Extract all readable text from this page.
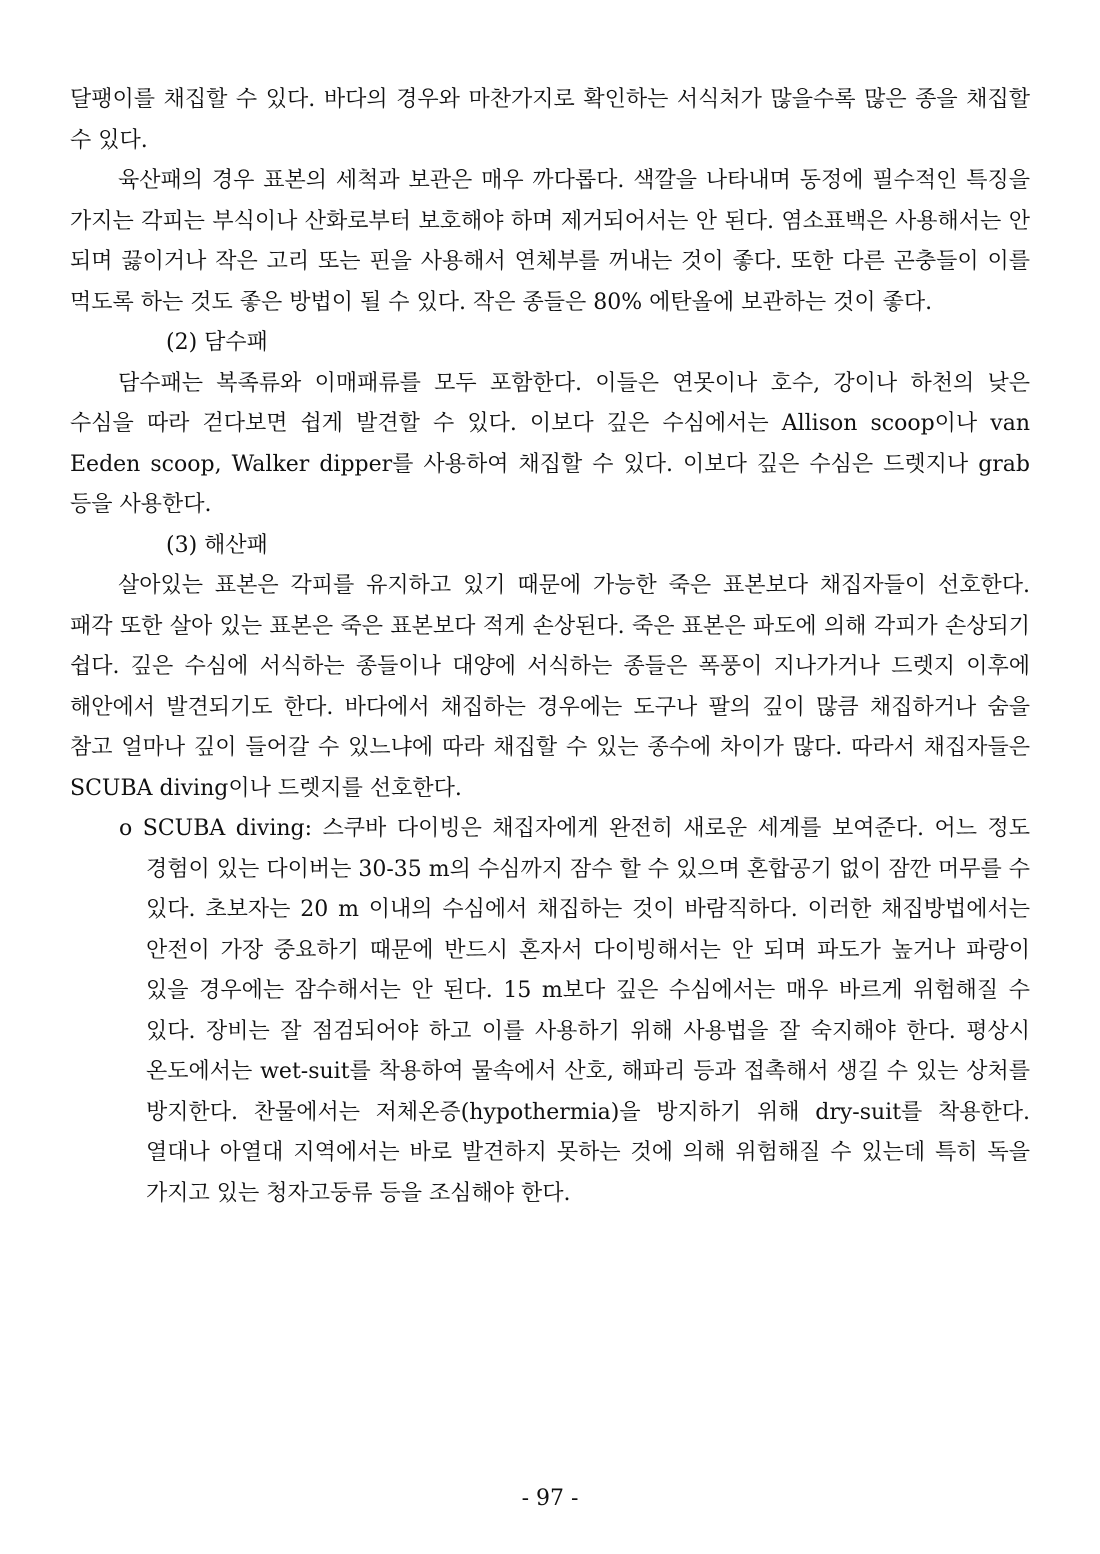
달팽이를 채집할 수 있다. 바다의 경우와 마찬가지로 확인하는 서식처가 많을수록 많은 종을 채집할 수 있다.

육산패의 경우 표본의 세척과 보관은 매우 까다롭다. 색깔을 나타내며 동정에 필수적인 특징을 가지는 각피는 부식이나 산화로부터 보호해야 하며 제거되어서는 안 된다. 염소표백은 사용해서는 안 되며 끓이거나 작은 고리 또는 핀을 사용해서 연체부를 꺼내는 것이 좋다. 또한 다른 곤충들이 이를 먹도록 하는 것도 좋은 방법이 될 수 있다. 작은 종들은 80% 에탄올에 보관하는 것이 좋다.

(2) 담수패

담수패는 복족류와 이매패류를 모두 포함한다. 이들은 연못이나 호수, 강이나 하천의 낮은 수심을 따라 걷다보면 쉽게 발견할 수 있다. 이보다 깊은 수심에서는 Allison scoop이나 van Eeden scoop, Walker dipper를 사용하여 채집할 수 있다. 이보다 깊은 수심은 드렛지나 grab 등을 사용한다.

(3) 해산패

살아있는 표본은 각피를 유지하고 있기 때문에 가능한 죽은 표본보다 채집자들이 선호한다. 패각 또한 살아 있는 표본은 죽은 표본보다 적게 손상된다. 죽은 표본은 파도에 의해 각피가 손상되기 쉽다. 깊은 수심에 서식하는 종들이나 대양에 서식하는 종들은 폭풍이 지나가거나 드렛지 이후에 해안에서 발견되기도 한다. 바다에서 채집하는 경우에는 도구나 팔의 깊이 많큼 채집하거나 숨을 참고 얼마나 깊이 들어갈 수 있느냐에 따라 채집할 수 있는 종수에 차이가 많다. 따라서 채집자들은 SCUBA diving이나 드렛지를 선호한다.

o SCUBA diving: 스쿠바 다이빙은 채집자에게 완전히 새로운 세계를 보여준다. 어느 정도 경험이 있는 다이버는 30-35 m의 수심까지 잠수 할 수 있으며 혼합공기 없이 잠깐 머무를 수 있다. 초보자는 20 m 이내의 수심에서 채집하는 것이 바람직하다. 이러한 채집방법에서는 안전이 가장 중요하기 때문에 반드시 혼자서 다이빙해서는 안 되며 파도가 높거나 파랑이 있을 경우에는 잠수해서는 안 된다. 15 m보다 깊은 수심에서는 매우 바르게 위험해질 수 있다. 장비는 잘 점검되어야 하고 이를 사용하기 위해 사용법을 잘 숙지해야 한다. 평상시 온도에서는 wet-suit를 착용하여 물속에서 산호, 해파리 등과 접촉해서 생길 수 있는 상처를 방지한다. 찬물에서는 저체온증(hypothermia)을 방지하기 위해 dry-suit를 착용한다. 열대나 아열대 지역에서는 바로 발견하지 못하는 것에 의해 위험해질 수 있는데 특히 독을 가지고 있는 청자고둥류 등을 조심해야 한다.

- 97 -
